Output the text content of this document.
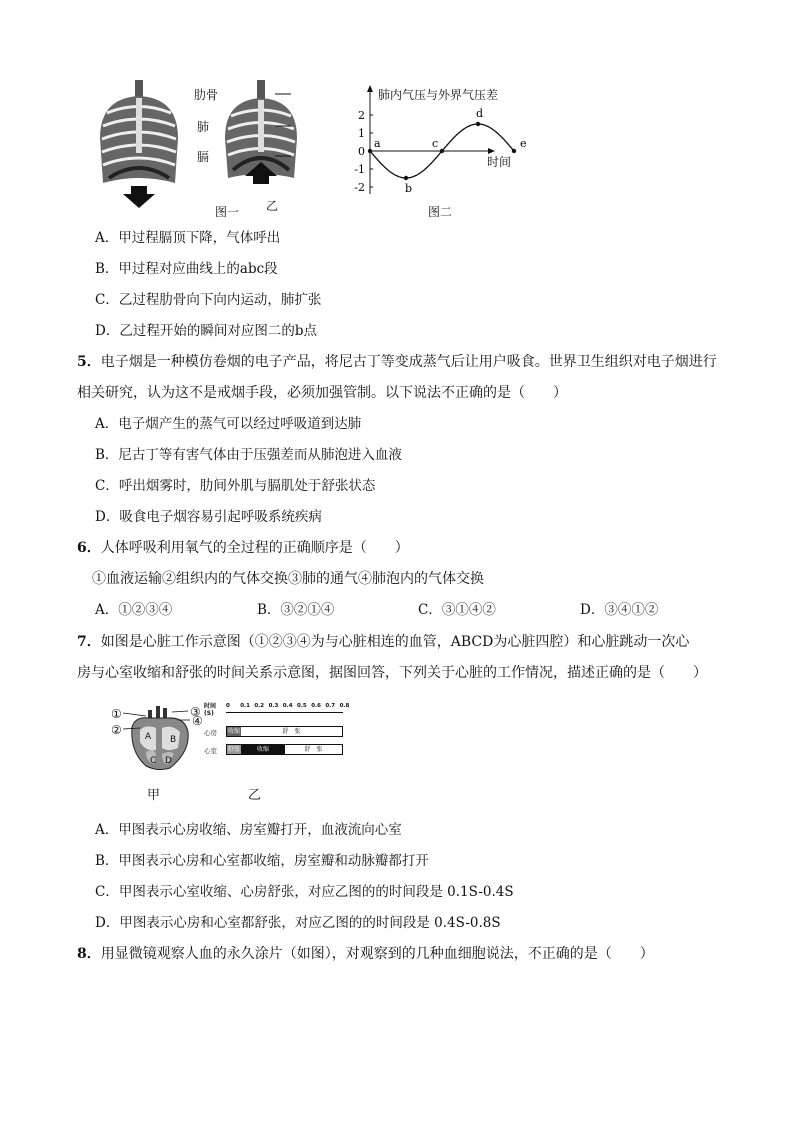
肋骨
肺
膈
甲
乙
图一
2
1
0
-1
-2
a
b
c
d
e
肺内气压与外界气压差
时间
图二
A．甲过程膈顶下降，气体呼出
B．甲过程对应曲线上的abc段
C．乙过程肋骨向下向内运动，肺扩张
D．乙过程开始的瞬间对应图二的b点
5．电子烟是一种模仿卷烟的电子产品，将尼古丁等变成蒸气后让用户吸食。世界卫生组织对电子烟进行
相关研究，认为这不是戒烟手段，必须加强管制。以下说法不正确的是（　　）
A．电子烟产生的蒸气可以经过呼吸道到达肺
B．尼古丁等有害气体由于压强差而从肺泡进入血液
C．呼出烟雾时，肋间外肌与膈肌处于舒张状态
D．吸食电子烟容易引起呼吸系统疾病
6．人体呼吸利用氧气的全过程的正确顺序是（　　）
①血液运输②组织内的气体交换③肺的通气④肺泡内的气体交换
A．①②③④	B．③②①④	C．③①④②	D．③④①②
7．如图是心脏工作示意图（①②③④为与心脏相连的血管，ABCD为心脏四腔）和心脏跳动一次心
房与心室收缩和舒张的时间关系示意图，据图回答，下列关于心脏的工作情况，描述正确的是（　　）
①
②
③
④
A B
C D
时间(S)
0 0.1 0.2 0.3 0.4 0.5 0.6 0.7 0.8
心房 收缩	舒　张
心室 舒张	收缩	舒　张
甲	乙
A．甲图表示心房收缩、房室瓣打开，血液流向心室
B．甲图表示心房和心室都收缩，房室瓣和动脉瓣都打开
C．甲图表示心室收缩、心房舒张，对应乙图的的时间段是 0.1S-0.4S
D．甲图表示心房和心室都舒张，对应乙图的的时间段是 0.4S-0.8S
8．用显微镜观察人血的永久涂片（如图），对观察到的几种血细胞说法，不正确的是（　　）
